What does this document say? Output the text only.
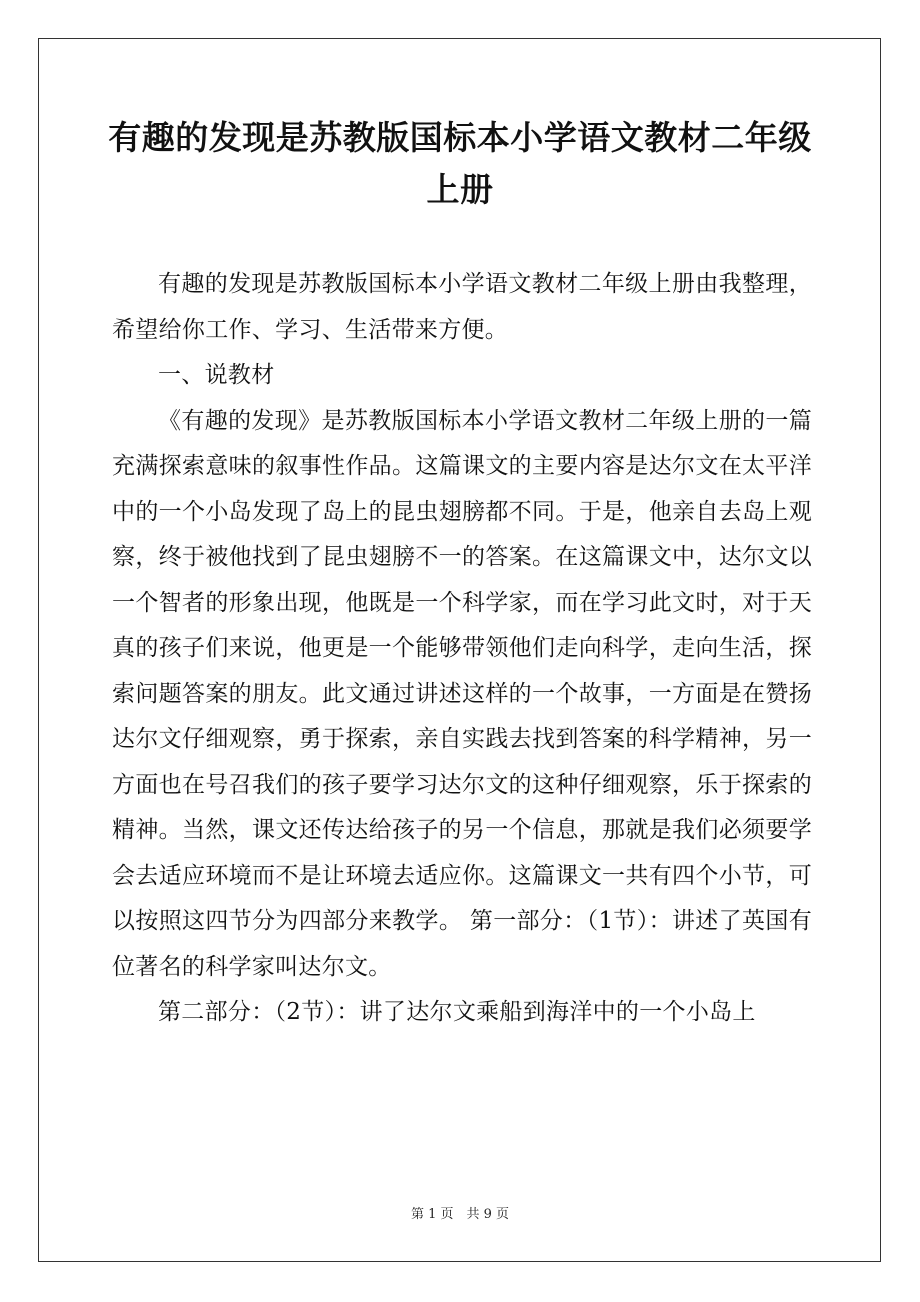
有趣的发现是苏教版国标本小学语文教材二年级上册

有趣的发现是苏教版国标本小学语文教材二年级上册由我整理，希望给你工作、学习、生活带来方便。

一、说教材

《有趣的发现》是苏教版国标本小学语文教材二年级上册的一篇充满探索意味的叙事性作品。这篇课文的主要内容是达尔文在太平洋中的一个小岛发现了岛上的昆虫翅膀都不同。于是，他亲自去岛上观察，终于被他找到了昆虫翅膀不一的答案。在这篇课文中，达尔文以一个智者的形象出现，他既是一个科学家，而在学习此文时，对于天真的孩子们来说，他更是一个能够带领他们走向科学，走向生活，探索问题答案的朋友。此文通过讲述这样的一个故事，一方面是在赞扬达尔文仔细观察，勇于探索，亲自实践去找到答案的科学精神，另一方面也在号召我们的孩子要学习达尔文的这种仔细观察，乐于探索的精神。当然，课文还传达给孩子的另一个信息，那就是我们必须要学会去适应环境而不是让环境去适应你。这篇课文一共有四个小节，可以按照这四节分为四部分来教学。 第一部分：（1节）：讲述了英国有位著名的科学家叫达尔文。

第二部分：（2节）：讲了达尔文乘船到海洋中的一个小岛上

第 1 页　共 9 页
